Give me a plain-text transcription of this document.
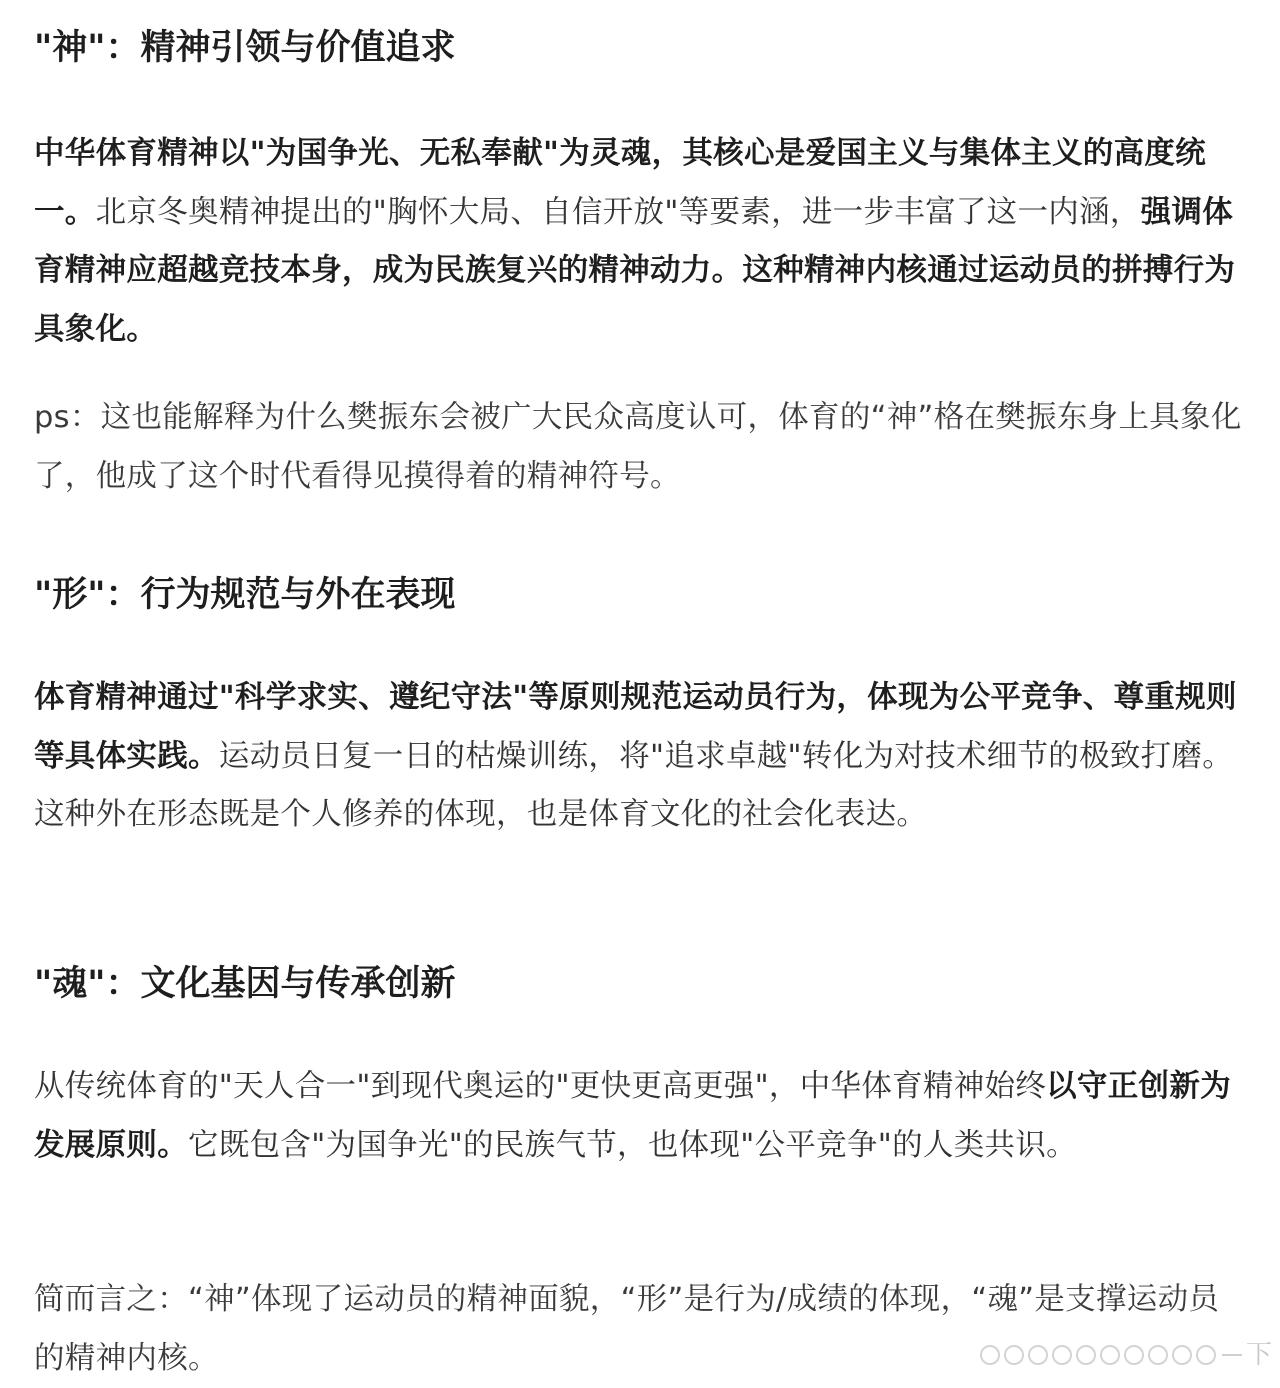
"神"：精神引领与价值追求

中华体育精神以"为国争光、无私奉献"为灵魂，其核心是爱国主义与集体主义的高度统一。北京冬奥精神提出的"胸怀大局、自信开放"等要素，进一步丰富了这一内涵，强调体育精神应超越竞技本身，成为民族复兴的精神动力。这种精神内核通过运动员的拼搏行为具象化。

ps：这也能解释为什么樊振东会被广大民众高度认可，体育的“神”格在樊振东身上具象化了，他成了这个时代看得见摸得着的精神符号。

"形"：行为规范与外在表现

体育精神通过"科学求实、遵纪守法"等原则规范运动员行为，体现为公平竞争、尊重规则等具体实践。运动员日复一日的枯燥训练，将"追求卓越"转化为对技术细节的极致打磨。这种外在形态既是个人修养的体现，也是体育文化的社会化表达。

"魂"：文化基因与传承创新

从传统体育的"天人合一"到现代奥运的"更快更高更强"，中华体育精神始终以守正创新为发展原则。它既包含"为国争光"的民族气节，也体现"公平竞争"的人类共识。

简而言之：“神”体现了运动员的精神面貌，“形”是行为/成绩的体现，“魂”是支撑运动员的精神内核。	下
